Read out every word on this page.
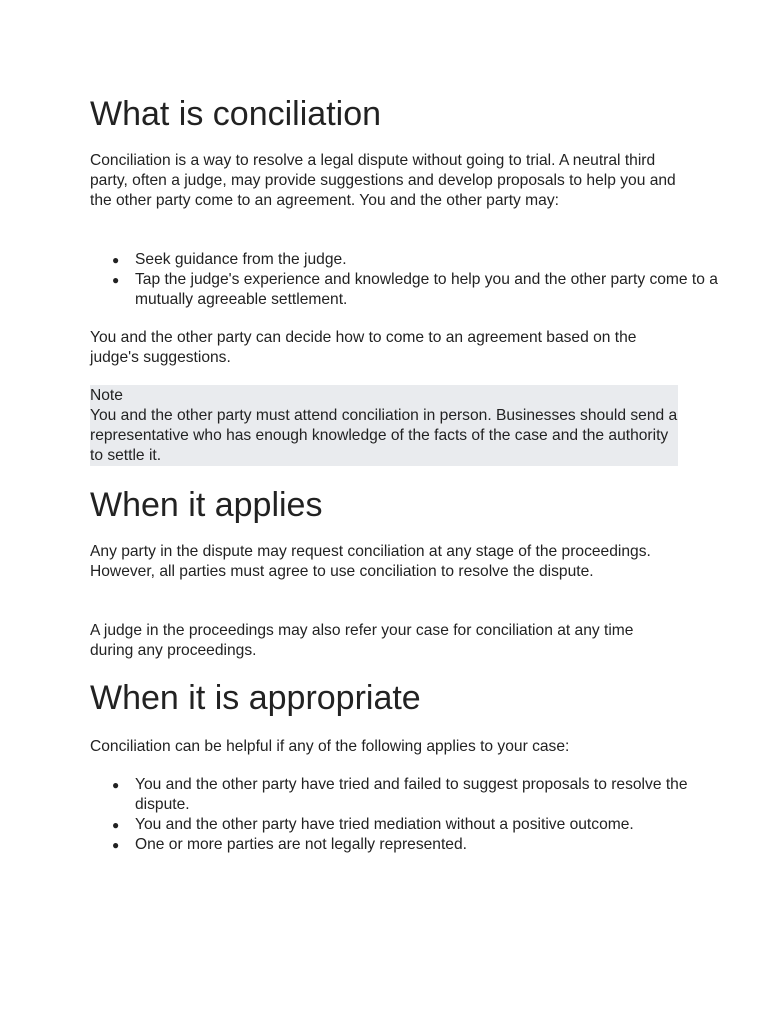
What is conciliation

Conciliation is a way to resolve a legal dispute without going to trial. A neutral third party, often a judge, may provide suggestions and develop proposals to help you and the other party come to an agreement. You and the other party may:

● Seek guidance from the judge.
● Tap the judge's experience and knowledge to help you and the other party come to a mutually agreeable settlement.

You and the other party can decide how to come to an agreement based on the judge's suggestions.

Note

You and the other party must attend conciliation in person. Businesses should send a representative who has enough knowledge of the facts of the case and the authority to settle it.

When it applies

Any party in the dispute may request conciliation at any stage of the proceedings. However, all parties must agree to use conciliation to resolve the dispute.

A judge in the proceedings may also refer your case for conciliation at any time during any proceedings.

When it is appropriate

Conciliation can be helpful if any of the following applies to your case:

● You and the other party have tried and failed to suggest proposals to resolve the dispute.
● You and the other party have tried mediation without a positive outcome.
● One or more parties are not legally represented.
